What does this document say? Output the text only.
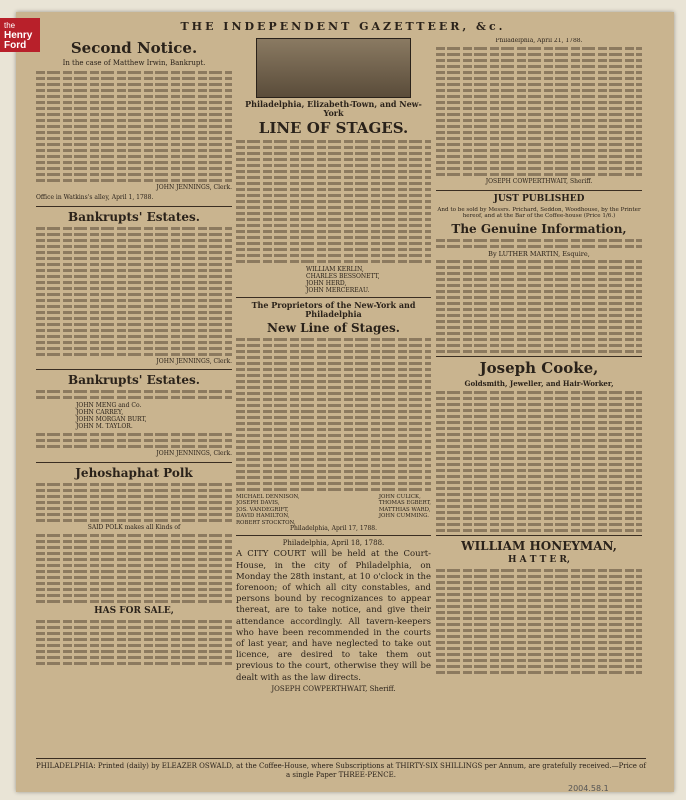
the
Henry
Ford
THE INDEPENDENT GAZETTEER, &c.
Second Notice.
In the case of Matthew Irwin, Bankrupt.
JOHN JENNINGS, Clerk.
Office in Watkins's alley, April 1, 1788.
Bankrupts' Estates.
JOHN JENNINGS, Clerk.
Bankrupts' Estates.
JOHN MENG and Co.
JOHN CARREY,
JOHN MORGAN BURT,
JOHN M. TAYLOR.
JOHN JENNINGS, Clerk.
Jehoshaphat Polk
SAID POLK makes all Kinds of
HAS FOR SALE,
Philadelphia, Elizabeth-Town, and New-York
LINE OF STAGES.
WILLIAM KERLIN,
CHARLES BESSONETT,
JOHN HERD,
JOHN MERCEREAU.
The Proprietors of the New-York and Philadelphia
New Line of Stages.
MICHAEL DENNISON,
JOSEPH DAVIS,
JOS. VANDEGRIFT,
DAVID HAMILTON,
ROBERT STOCKTON,
JOHN CULICK,
THOMAS EGBERT,
MATTHIAS WARD,
JOHN CUMMING.
Philadelphia, April 17, 1788.
Philadelphia, April 18, 1788.

A CITY COURT will be held at the Court-House, in the city of Philadelphia, on Monday the 28th instant, at 10 o'clock in the forenoon; of which all city constables, and persons bound by recognizances to appear thereat, are to take notice, and give their attendance accordingly. All tavern-keepers who have been recommended in the courts of last year, and have neglected to take out licence, are desired to take them out previous to the court, otherwise they will be dealt with as the law directs.

JOSEPH COWPERTHWAIT, Sheriff.
Philadelphia, April 21, 1788.
JOSEPH COWPERTHWAIT, Sheriff.
JUST PUBLISHED
And to be sold by Messrs. Prichard, Seddon, Woodhouse, by the Printer hereof, and at the Bar of the Coffee-house (Price 1/6.)
The Genuine Information,
By LUTHER MARTIN, Esquire,
Joseph Cooke,
Goldsmith, Jeweller, and Hair-Worker,
WILLIAM HONEYMAN,
H A T T E R,
PHILADELPHIA: Printed (daily) by ELEAZER OSWALD, at the Coffee-House, where Subscriptions at THIRTY-SIX SHILLINGS per Annum, are gratefully received.—Price of a single Paper THREE-PENCE.
2004.58.1
